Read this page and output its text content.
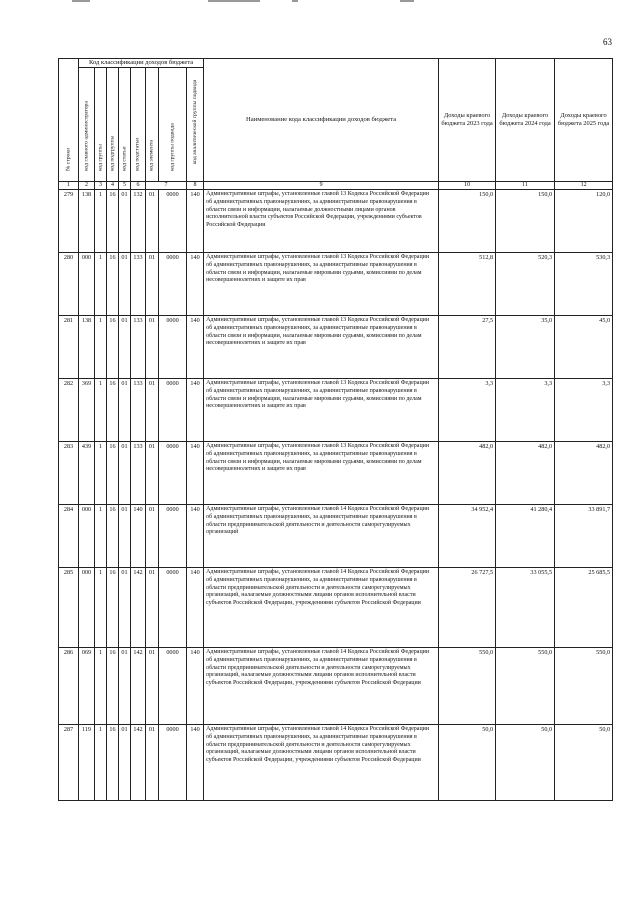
63
№ строки	Код классификации доходов бюджета								Наименование кода классификации доходов бюджета	Доходы краевого бюджета 2023 года	Доходы краевого бюджета 2024 года	Доходы краевого бюджета 2025 года

	код главного администратора	код группы	код подгруппы	код статьи	код подстатьи	код элемента	код группы подвида	код аналитической группы подвида				

1	2	3	4	5	6	7		8	9	10	11	12
279	138	1	16	01	132	01	0000	140	Административные штрафы, установленные главой 13 Кодекса Российской Федерации об административных правонарушениях, за административные правонарушения в области связи и информации, налагаемые должностными лицами органов исполнительной власти субъектов Российской Федерации, учреждениями субъектов Российской Федерации	150,0	150,0	120,0
280	000	1	16	01	133	01	0000	140	Административные штрафы, установленные главой 13 Кодекса Российской Федерации об административных правонарушениях, за административные правонарушения в области связи и информации, налагаемые мировыми судьями, комиссиями по делам несовершеннолетних и защите их прав	512,8	520,3	530,3
281	138	1	16	01	133	01	0000	140	Административные штрафы, установленные главой 13 Кодекса Российской Федерации об административных правонарушениях, за административные правонарушения в области связи и информации, налагаемые мировыми судьями, комиссиями по делам несовершеннолетних и защите их прав	27,5	35,0	45,0
282	369	1	16	01	133	01	0000	140	Административные штрафы, установленные главой 13 Кодекса Российской Федерации об административных правонарушениях, за административные правонарушения в области связи и информации, налагаемые мировыми судьями, комиссиями по делам несовершеннолетних и защите их прав	3,3	3,3	3,3
283	439	1	16	01	133	01	0000	140	Административные штрафы, установленные главой 13 Кодекса Российской Федерации об административных правонарушениях, за административные правонарушения в области связи и информации, налагаемые мировыми судьями, комиссиями по делам несовершеннолетних и защите их прав	482,0	482,0	482,0
284	000	1	16	01	140	01	0000	140	Административные штрафы, установленные главой 14 Кодекса Российской Федерации об административных правонарушениях, за административные правонарушения в области предпринимательской деятельности и деятельности саморегулируемых организаций	34 952,4	41 280,4	33 891,7
285	000	1	16	01	142	01	0000	140	Административные штрафы, установленные главой 14 Кодекса Российской Федерации об административных правонарушениях, за административные правонарушения в области предпринимательской деятельности и деятельности саморегулируемых организаций, налагаемые должностными лицами органов исполнительной власти субъектов Российской Федерации, учреждениями субъектов Российской Федерации	26 727,5	33 055,5	25 685,5
286	069	1	16	01	142	01	0000	140	Административные штрафы, установленные главой 14 Кодекса Российской Федерации об административных правонарушениях, за административные правонарушения в области предпринимательской деятельности и деятельности саморегулируемых организаций, налагаемые должностными лицами органов исполнительной власти субъектов Российской Федерации, учреждениями субъектов Российской Федерации	550,0	550,0	550,0
287	119	1	16	01	142	01	0000	140	Административные штрафы, установленные главой 14 Кодекса Российской Федерации об административных правонарушениях, за административные правонарушения в области предпринимательской деятельности и деятельности саморегулируемых организаций, налагаемые должностными лицами органов исполнительной власти субъектов Российской Федерации, учреждениями субъектов Российской Федерации	50,0	50,0	50,0
